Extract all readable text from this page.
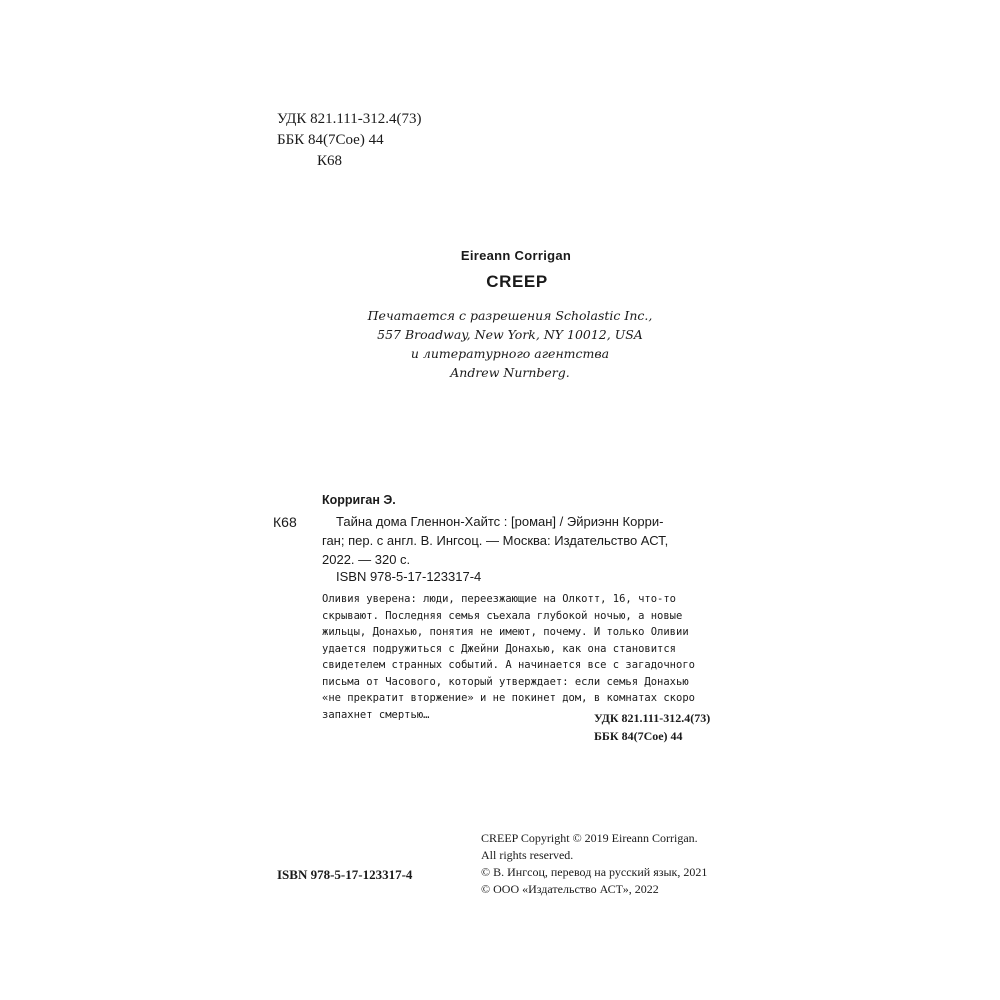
УДК 821.111-312.4(73)
ББК 84(7Сое) 44
К68
Eireann Corrigan
CREEP
Печатается с разрешения Scholastic Inc.,
557 Broadway, New York, NY 10012, USA
и литературного агентства
Andrew Nurnberg.
Корриган Э.
К68	Тайна дома Гленнон-Хайтс : [роман] / Эйриэнн Корри-
ган; пер. с англ. В. Ингсоц. — Москва: Издательство АСТ,
2022. — 320 с.
ISBN 978-5-17-123317-4
Оливия уверена: люди, переезжающие на Олкотт, 16, что-то
скрывают. Последняя семья съехала глубокой ночью, а новые
жильцы, Донахью, понятия не имеют, почему. И только Оливии
удается подружиться с Джейни Донахью, как она становится
свидетелем странных событий. А начинается все с загадочного
письма от Часового, который утверждает: если семья Донахью
«не прекратит вторжение» и не покинет дом, в комнатах скоро
запахнет смертью…	УДК 821.111-312.4(73)
ББК 84(7Сое) 44
CREEP Copyright © 2019 Eireann Corrigan.
All rights reserved.
© В. Ингсоц, перевод на русский язык, 2021
© ООО «Издательство АСТ», 2022
ISBN 978-5-17-123317-4
